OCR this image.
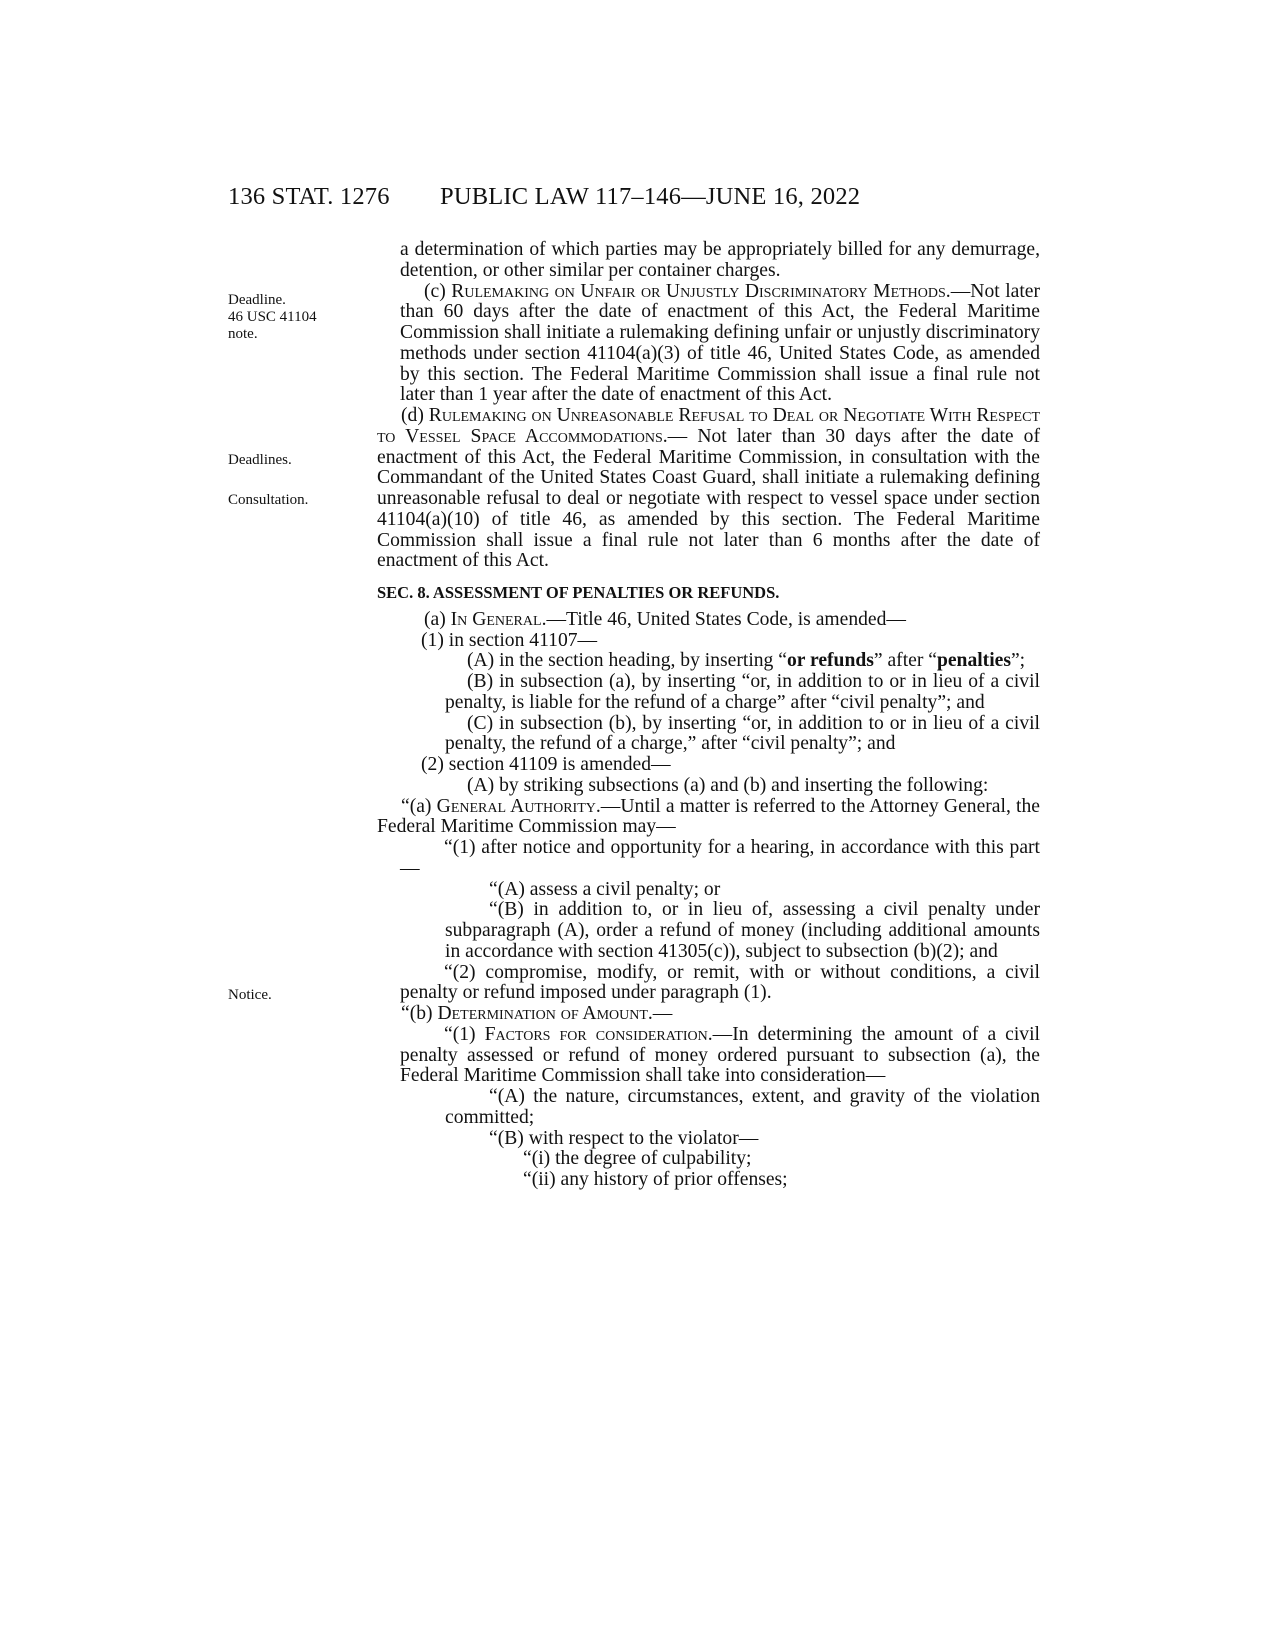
136 STAT. 1276 PUBLIC LAW 117–146—JUNE 16, 2022
Deadline.
46 USC 41104
note.
Deadlines.
Consultation.
Notice.

a determination of which parties may be appropriately billed for any demurrage, detention, or other similar per container charges.

(c) Rulemaking on Unfair or Unjustly Discriminatory Methods.—Not later than 60 days after the date of enactment of this Act, the Federal Maritime Commission shall initiate a rulemaking defining unfair or unjustly discriminatory methods under section 41104(a)(3) of title 46, United States Code, as amended by this section. The Federal Maritime Commission shall issue a final rule not later than 1 year after the date of enactment of this Act.

(d) Rulemaking on Unreasonable Refusal to Deal or Negotiate With Respect to Vessel Space Accommodations.— Not later than 30 days after the date of enactment of this Act, the Federal Maritime Commission, in consultation with the Commandant of the United States Coast Guard, shall initiate a rulemaking defining unreasonable refusal to deal or negotiate with respect to vessel space under section 41104(a)(10) of title 46, as amended by this section. The Federal Maritime Commission shall issue a final rule not later than 6 months after the date of enactment of this Act.

SEC. 8. ASSESSMENT OF PENALTIES OR REFUNDS.

(a) In General.—Title 46, United States Code, is amended—

(1) in section 41107—

(A) in the section heading, by inserting “or refunds” after “penalties”;

(B) in subsection (a), by inserting “or, in addition to or in lieu of a civil penalty, is liable for the refund of a charge” after “civil penalty”; and

(C) in subsection (b), by inserting “or, in addition to or in lieu of a civil penalty, the refund of a charge,” after “civil penalty”; and

(2) section 41109 is amended—

(A) by striking subsections (a) and (b) and inserting the following:

“(a) General Authority.—Until a matter is referred to the Attorney General, the Federal Maritime Commission may—

“(1) after notice and opportunity for a hearing, in accordance with this part—

“(A) assess a civil penalty; or

“(B) in addition to, or in lieu of, assessing a civil penalty under subparagraph (A), order a refund of money (including additional amounts in accordance with section 41305(c)), subject to subsection (b)(2); and

“(2) compromise, modify, or remit, with or without conditions, a civil penalty or refund imposed under paragraph (1).

“(b) Determination of Amount.—

“(1) Factors for consideration.—In determining the amount of a civil penalty assessed or refund of money ordered pursuant to subsection (a), the Federal Maritime Commission shall take into consideration—

“(A) the nature, circumstances, extent, and gravity of the violation committed;

“(B) with respect to the violator—

“(i) the degree of culpability;

“(ii) any history of prior offenses;
